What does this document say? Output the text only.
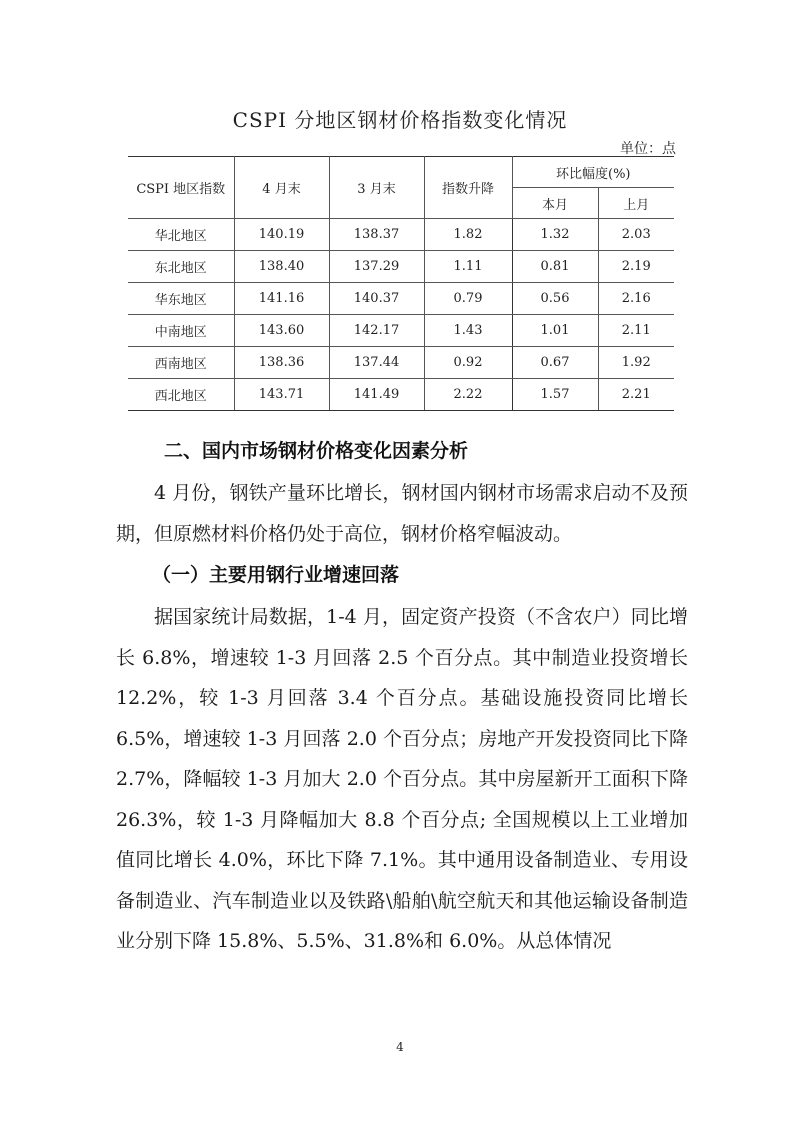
CSPI 分地区钢材价格指数变化情况
单位：点
CSPI 地区指数	4 月末	3 月末	指数升降	环比幅度(%)	
				本月	上月
华北地区	140.19	138.37	1.82	1.32	2.03
东北地区	138.40	137.29	1.11	0.81	2.19
华东地区	141.16	140.37	0.79	0.56	2.16
中南地区	143.60	142.17	1.43	1.01	2.11
西南地区	138.36	137.44	0.92	0.67	1.92
西北地区	143.71	141.49	2.22	1.57	2.21
二、国内市场钢材价格变化因素分析

4 月份，钢铁产量环比增长，钢材国内钢材市场需求启动不及预期，但原燃材料价格仍处于高位，钢材价格窄幅波动。

（一）主要用钢行业增速回落

据国家统计局数据，1-4 月，固定资产投资（不含农户）同比增长 6.8%，增速较 1-3 月回落 2.5 个百分点。其中制造业投资增长 12.2%，较 1-3 月回落 3.4 个百分点。基础设施投资同比增长 6.5%，增速较 1-3 月回落 2.0 个百分点；房地产开发投资同比下降 2.7%，降幅较 1-3 月加大 2.0 个百分点。其中房屋新开工面积下降 26.3%，较 1-3 月降幅加大 8.8 个百分点; 全国规模以上工业增加值同比增长 4.0%，环比下降 7.1%。其中通用设备制造业、专用设备制造业、汽车制造业以及铁路\船舶\航空航天和其他运输设备制造业分别下降 15.8%、5.5%、31.8%和 6.0%。从总体情况

4
